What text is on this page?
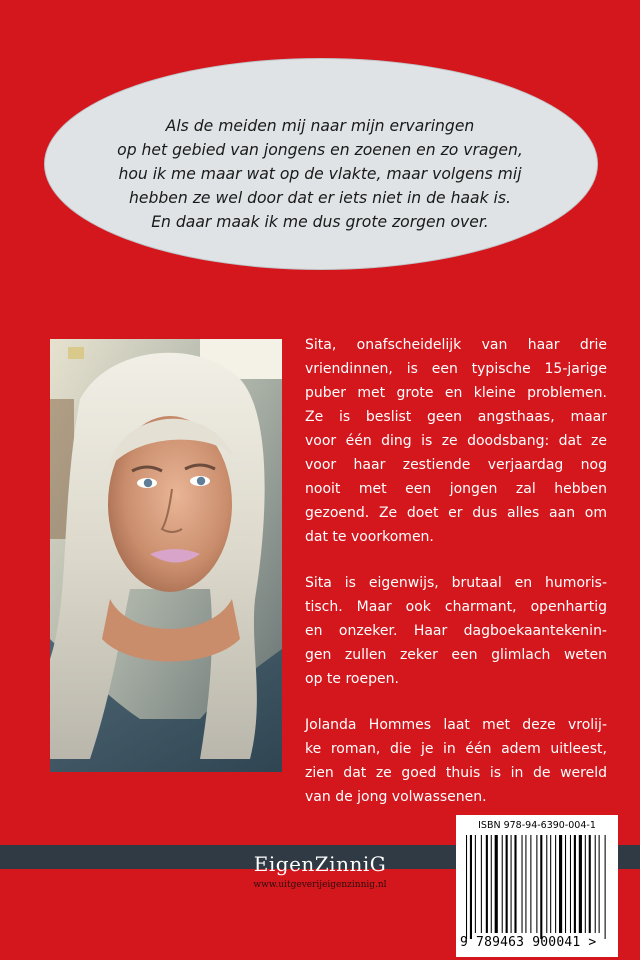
Als de meiden mij naar mijn ervaringen
op het gebied van jongens en zoenen en zo vragen,
hou ik me maar wat op de vlakte, maar volgens mij
hebben ze wel door dat er iets niet in de haak is.
En daar maak ik me dus grote zorgen over.
Sita, onafscheidelijk van haar drie
vriendinnen, is een typische 15-jarige
puber met grote en kleine problemen.
Ze is beslist geen angsthaas, maar
voor één ding is ze doodsbang: dat ze
voor haar zestiende verjaardag nog
nooit met een jongen zal hebben
gezoend. Ze doet er dus alles aan om
dat te voorkomen.
Sita is eigenwijs, brutaal en humoris-
tisch. Maar ook charmant, openhartig
en onzeker. Haar dagboekaantekenin-
gen zullen zeker een glimlach weten
op te roepen.
Jolanda Hommes laat met deze vrolij-
ke roman, die je in één adem uitleest,
zien dat ze goed thuis is in de wereld
van de jong volwassenen.
EigenZinniG
www.uitgeverijeigenzinnig.nl
ISBN 978-94-6390-004-1
9 789463 900041 >
